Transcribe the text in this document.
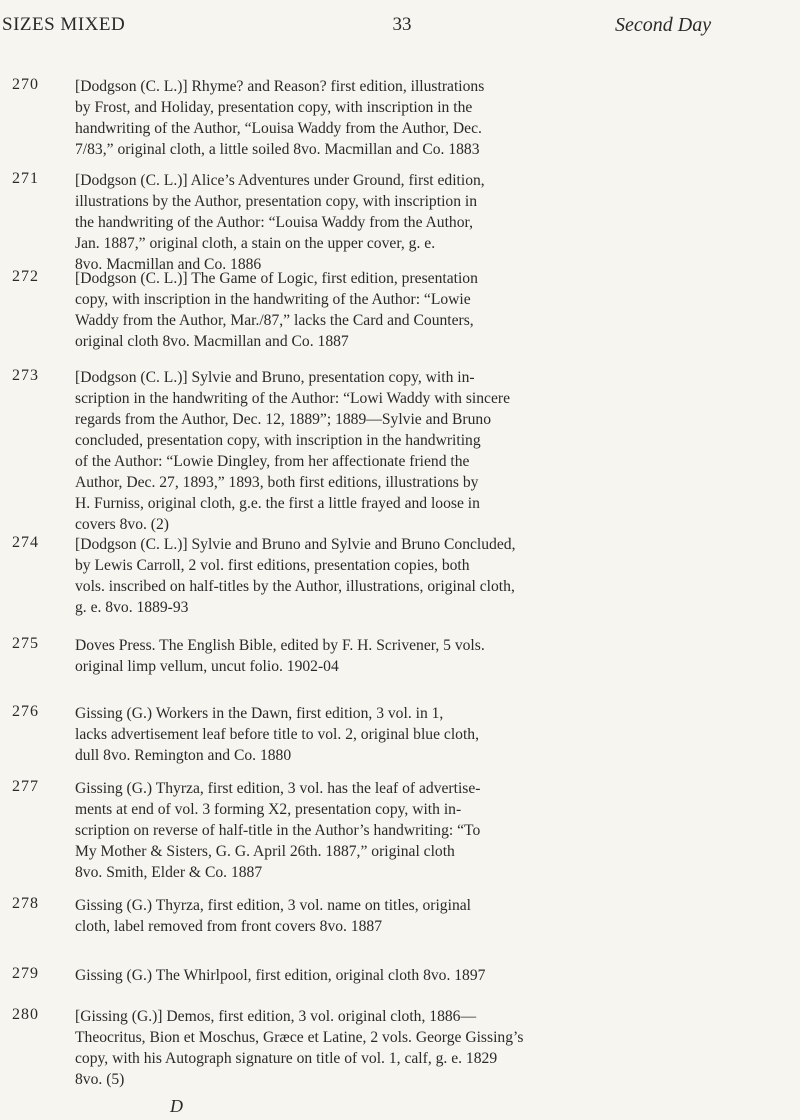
SIZES MIXED	33	Second Day
270 [Dodgson (C. L.)] Rhyme? and Reason? first edition, illustrations
by Frost, and Holiday, presentation copy, with inscription in the
handwriting of the Author, “Louisa Waddy from the Author, Dec.
7/83,” original cloth, a little soiled 8vo. Macmillan and Co. 1883
271 [Dodgson (C. L.)] Alice’s Adventures under Ground, first edition,
illustrations by the Author, presentation copy, with inscription in
the handwriting of the Author: “Louisa Waddy from the Author,
Jan. 1887,” original cloth, a stain on the upper cover, g. e.
8vo. Macmillan and Co. 1886
272 [Dodgson (C. L.)] The Game of Logic, first edition, presentation
copy, with inscription in the handwriting of the Author: “Lowie
Waddy from the Author, Mar./87,” lacks the Card and Counters,
original cloth 8vo. Macmillan and Co. 1887
273 [Dodgson (C. L.)] Sylvie and Bruno, presentation copy, with in-
scription in the handwriting of the Author: “Lowi Waddy with sincere
regards from the Author, Dec. 12, 1889”; 1889—Sylvie and Bruno
concluded, presentation copy, with inscription in the handwriting
of the Author: “Lowie Dingley, from her affectionate friend the
Author, Dec. 27, 1893,” 1893, both first editions, illustrations by
H. Furniss, original cloth, g.e. the first a little frayed and loose in
covers 8vo. (2)
274 [Dodgson (C. L.)] Sylvie and Bruno and Sylvie and Bruno Concluded,
by Lewis Carroll, 2 vol. first editions, presentation copies, both
vols. inscribed on half-titles by the Author, illustrations, original cloth,
g. e. 8vo. 1889-93
275 Doves Press. The English Bible, edited by F. H. Scrivener, 5 vols.
original limp vellum, uncut folio. 1902-04
276 Gissing (G.) Workers in the Dawn, first edition, 3 vol. in 1,
lacks advertisement leaf before title to vol. 2, original blue cloth,
dull 8vo. Remington and Co. 1880
277 Gissing (G.) Thyrza, first edition, 3 vol. has the leaf of advertise-
ments at end of vol. 3 forming X2, presentation copy, with in-
scription on reverse of half-title in the Author’s handwriting: “To
My Mother & Sisters, G. G. April 26th. 1887,” original cloth
8vo. Smith, Elder & Co. 1887
278 Gissing (G.) Thyrza, first edition, 3 vol. name on titles, original
cloth, label removed from front covers 8vo. 1887
279 Gissing (G.) The Whirlpool, first edition, original cloth 8vo. 1897
280 [Gissing (G.)] Demos, first edition, 3 vol. original cloth, 1886—
Theocritus, Bion et Moschus, Græce et Latine, 2 vols. George Gissing’s
copy, with his Autograph signature on title of vol. 1, calf, g. e. 1829
8vo. (5)
D
